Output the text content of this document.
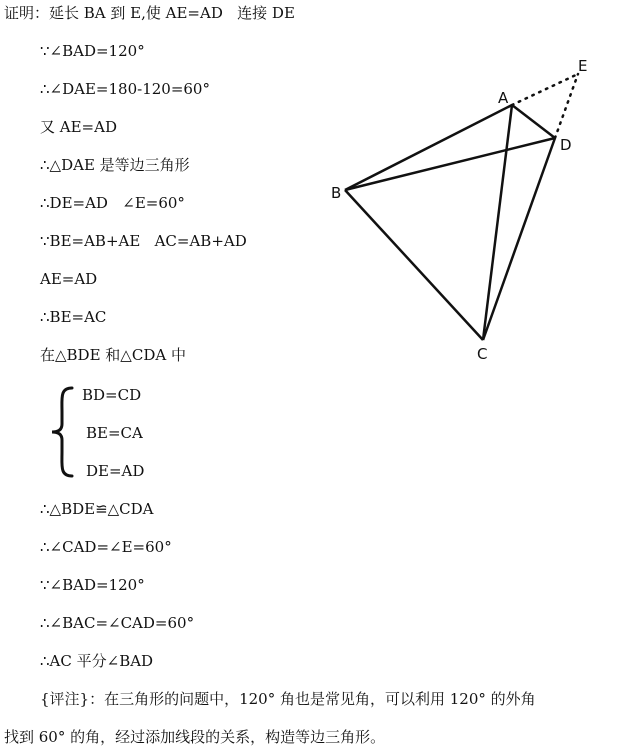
证明：延长 BA 到 E,使 AE=AD   连接 DE
∵∠BAD=120°
∴∠DAE=180-120=60°
又 AE=AD
∴△DAE 是等边三角形
∴DE=AD   ∠E=60°
∵BE=AB+AE   AC=AB+AD
AE=AD
∴BE=AC
在△BDE 和△CDA 中
BD=CD
BE=CA
DE=AD
∴△BDE≌△CDA
∴∠CAD=∠E=60°
∵∠BAD=120°
∴∠BAC=∠CAD=60°
∴AC 平分∠BAD
{评注}：在三角形的问题中，120° 角也是常见角，可以利用 120° 的外角
找到 60° 的角，经过添加线段的关系，构造等边三角形。
A
B
C
D
E
